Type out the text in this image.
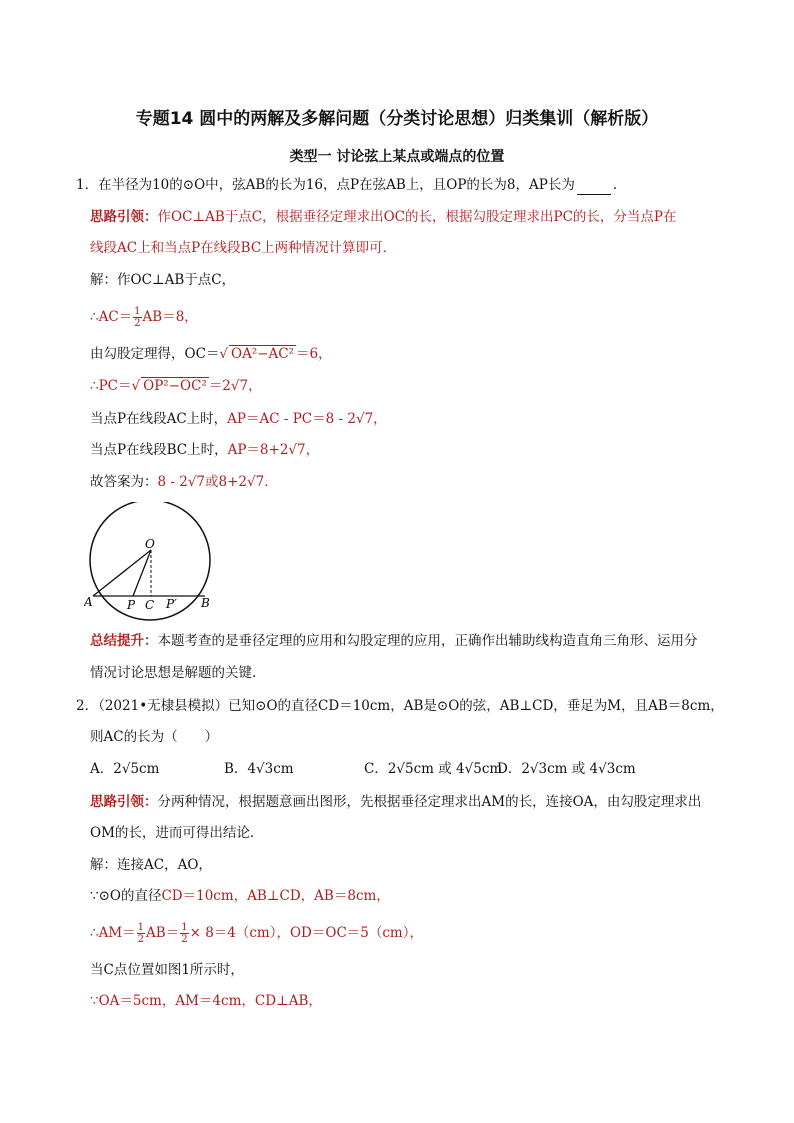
专题14 圆中的两解及多解问题（分类讨论思想）归类集训（解析版）
类型一 讨论弦上某点或端点的位置
1．在半径为10的⊙O中，弦AB的长为16，点P在弦AB上，且OP的长为8，AP长为	．
思路引领：作OC⊥AB于点C，根据垂径定理求出OC的长，根据勾股定理求出PC的长，分当点P在
线段AC上和当点P在线段BC上两种情况计算即可．
解：作OC⊥AB于点C，
∴AC＝ $\frac{1}{2} AB=8$，
由勾股定理得，OC＝√ OA²−AC² ＝6，
∴PC＝√ OP²−OC² ＝2√7，
当点P在线段AC上时，AP＝AC - PC＝8 - 2√7，
当点P在线段BC上时，AP＝8+2√7，
故答案为：8 - 2√7或8+2√7．
O
A	P C P′ B
总结提升：本题考查的是垂径定理的应用和勾股定理的应用，正确作出辅助线构造直角三角形、运用分
情况讨论思想是解题的关键．
2．（2021•无棣县模拟）已知⊙O的直径CD＝10cm，AB是⊙O的弦，AB⊥CD，垂足为M，且AB＝8cm，
则AC的长为（　　）
A．2√5cm	B．4√3cm	C．2√5cm 或 4√5cm
D．2√3cm 或 4√3cm
思路引领：分两种情况，根据题意画出图形，先根据垂径定理求出AM的长，连接OA，由勾股定理求出
OM的长，进而可得出结论．
解：连接AC，AO，
∵⊙O的直径CD＝10cm，AB⊥CD，AB＝8cm，
∴AM＝ $\frac{1}{2} AB= \frac{1}{2} \times 8=4(cm)$，OD＝OC＝5（cm），
当C点位置如图1所示时，
∵OA＝5cm，AM＝4cm，CD⊥AB，
